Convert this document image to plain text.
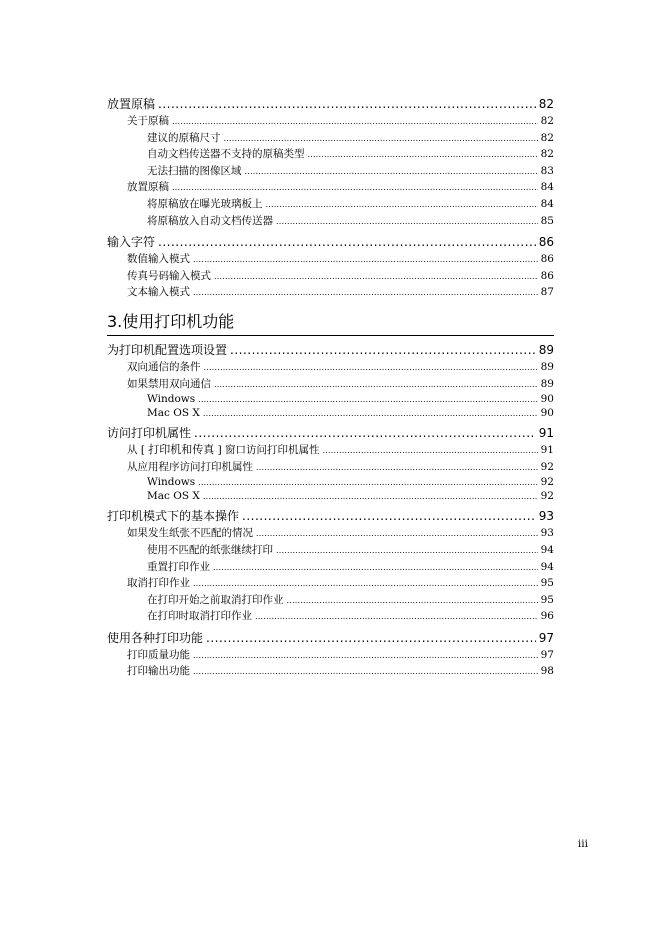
放置原稿 .....	82
关于原稿 .....	82
建议的原稿尺寸 .....	82
自动文档传送器不支持的原稿类型 .....	82
无法扫描的图像区域 .....	83
放置原稿 .....	84
将原稿放在曝光玻璃板上 .....	84
将原稿放入自动文档传送器 .....	85
输入字符 .....	86
数值输入模式 .....	86
传真号码输入模式 .....	86
文本输入模式 .....	87
3.使用打印机功能
为打印机配置选项设置 .....	89
双向通信的条件 .....	89
如果禁用双向通信 .....	89
Windows .....	90
Mac OS X .....	90
访问打印机属性 .....	91
从 [ 打印机和传真 ] 窗口访问打印机属性 .....	91
从应用程序访问打印机属性 .....	92
Windows .....	92
Mac OS X .....	92
打印机模式下的基本操作 .....	93
如果发生纸张不匹配的情况 .....	93
使用不匹配的纸张继续打印 .....	94
重置打印作业 .....	94
取消打印作业 .....	95
在打印开始之前取消打印作业 .....	95
在打印时取消打印作业 .....	96
使用各种打印功能 .....	97
打印质量功能 .....	97
打印输出功能 .....	98
iii
